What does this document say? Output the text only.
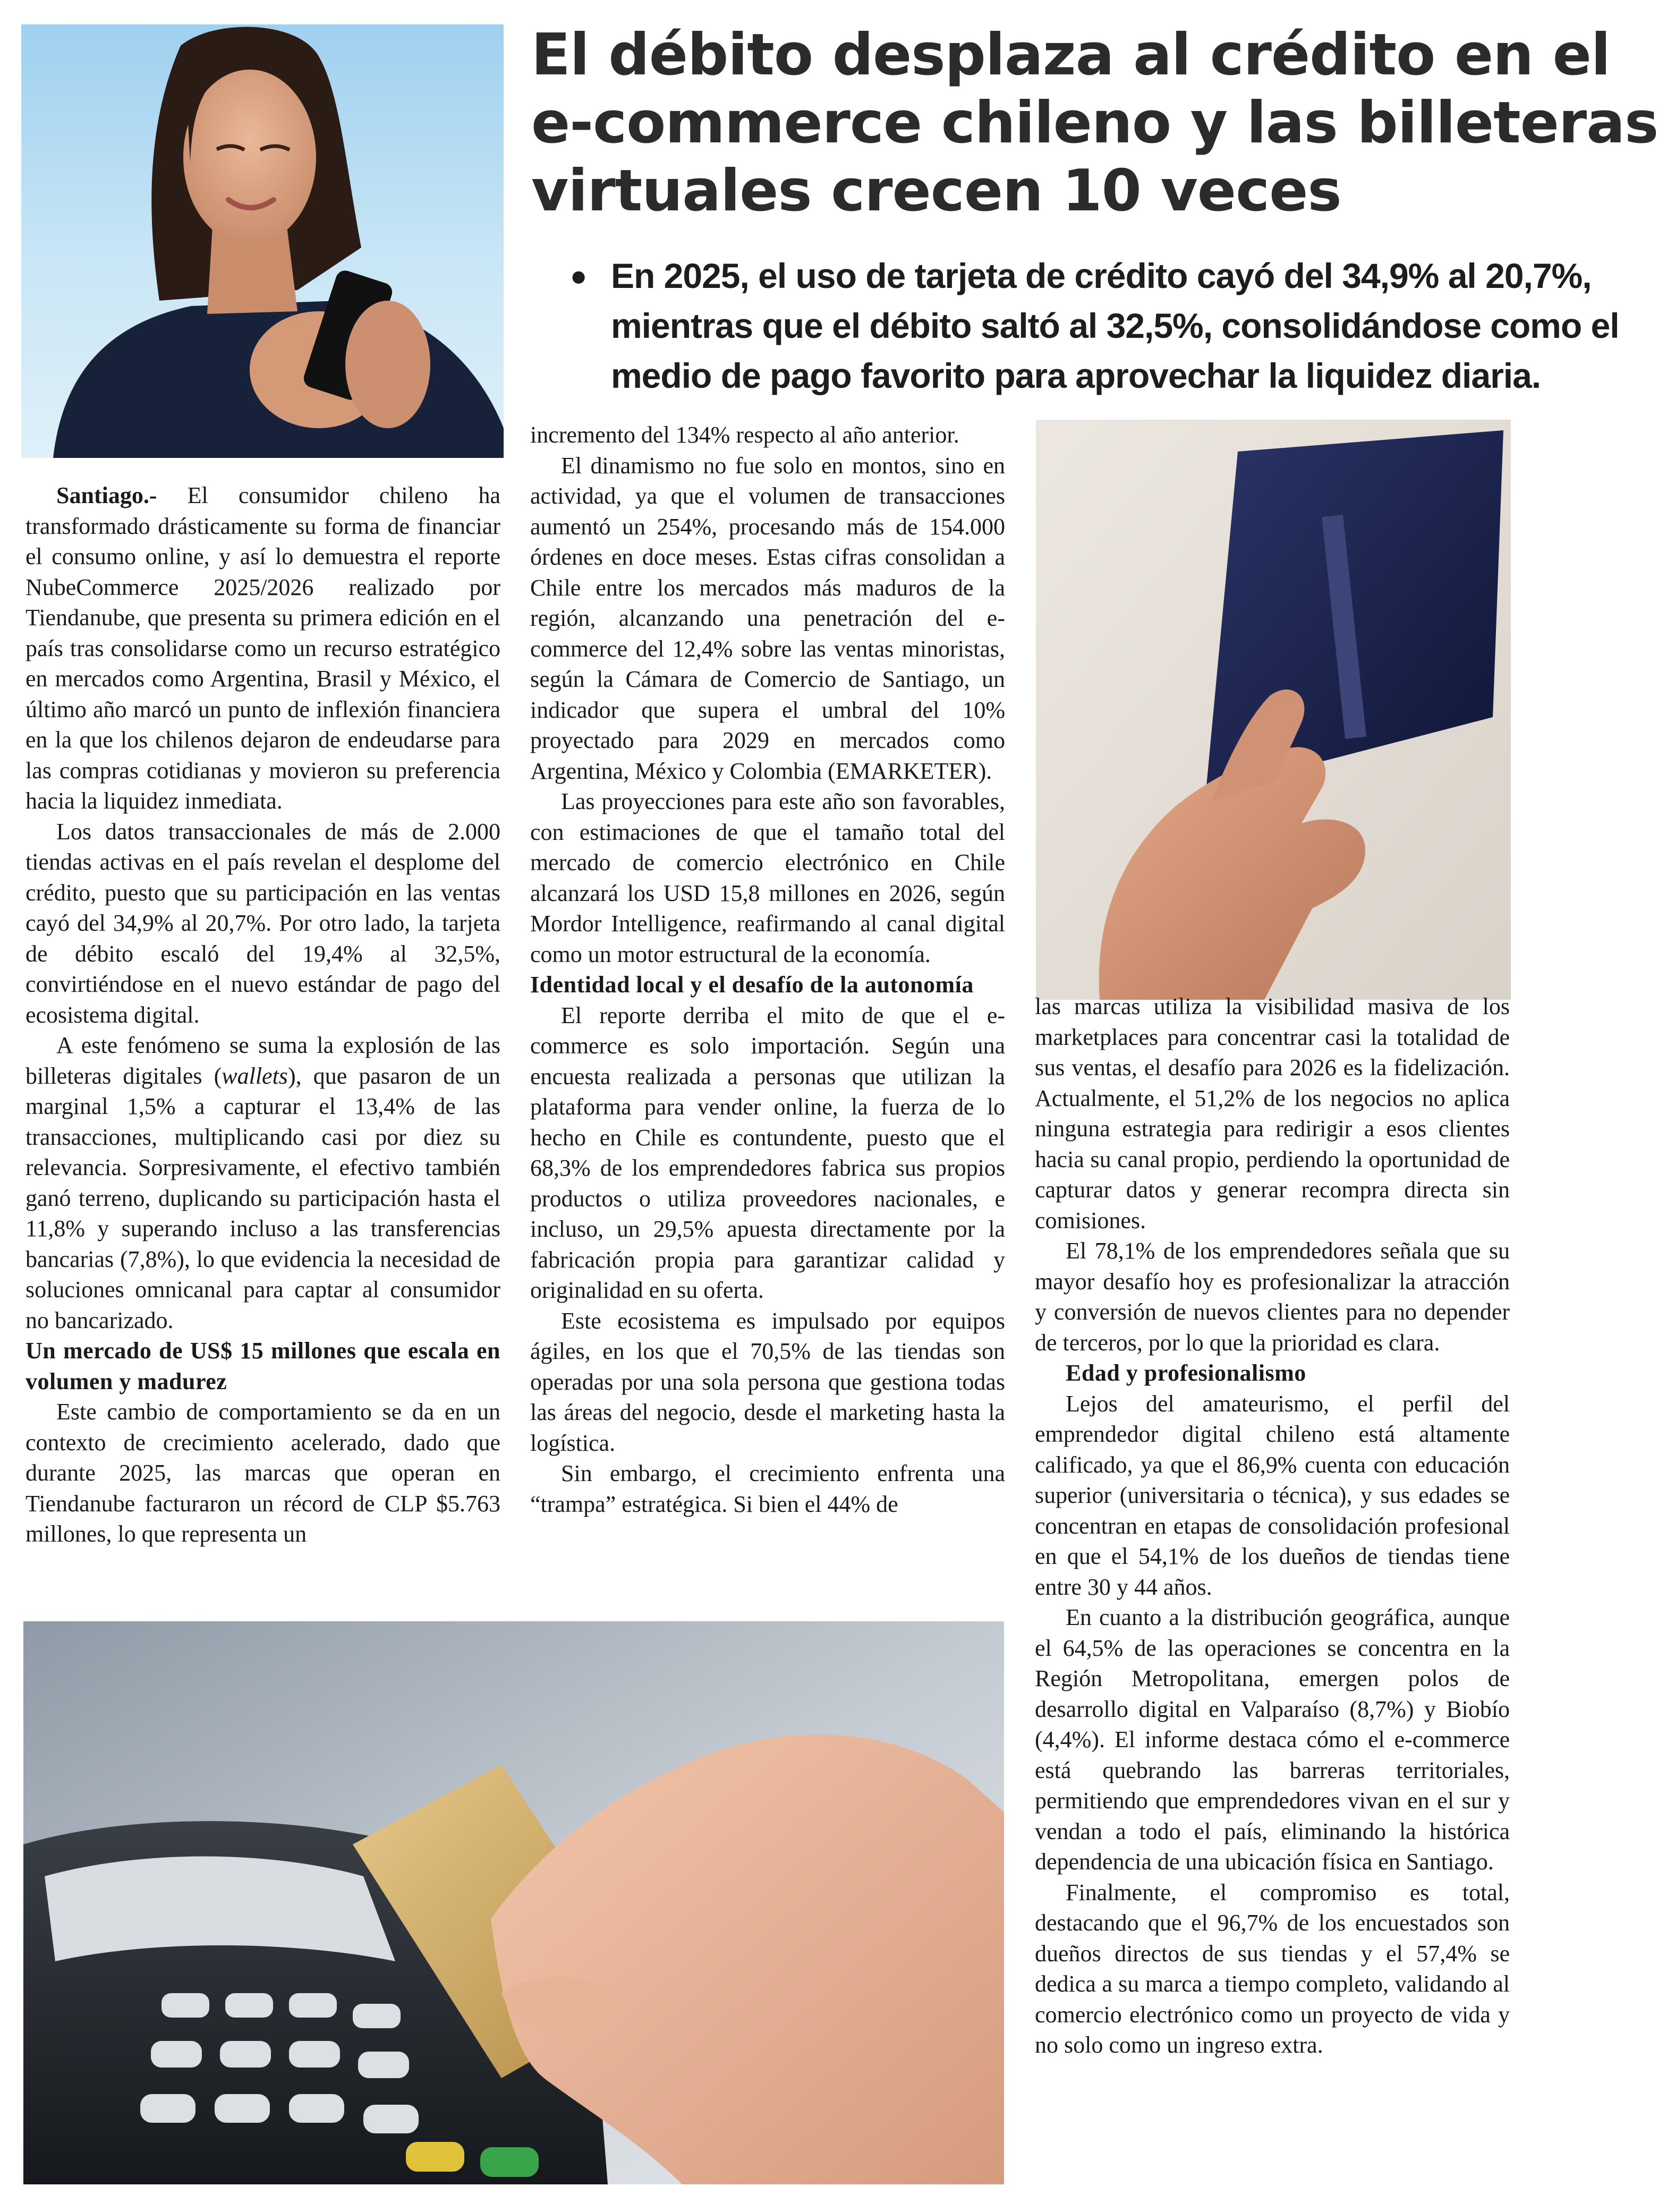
El débito desplaza al crédito en el
e-commerce chileno y las billeteras
virtuales crecen 10 veces
• En 2025, el uso de tarjeta de crédito cayó del 34,9% al 20,7%,
mientras que el débito saltó al 32,5%, consolidándose como el
medio de pago favorito para aprovechar la liquidez diaria.

Santiago.- El consumidor chileno ha transformado drásticamente su forma de financiar el consumo online, y así lo demuestra el reporte NubeCommerce 2025/2026 realizado por Tiendanube, que presenta su primera edición en el país tras consolidarse como un recurso estratégico en mercados como Argentina, Brasil y México, el último año marcó un punto de inflexión financiera en la que los chilenos dejaron de endeudarse para las compras cotidianas y movieron su preferencia hacia la liquidez inmediata.

Los datos transaccionales de más de 2.000 tiendas activas en el país revelan el desplome del crédito, puesto que su participación en las ventas cayó del 34,9% al 20,7%. Por otro lado, la tarjeta de débito escaló del 19,4% al 32,5%, convirtiéndose en el nuevo estándar de pago del ecosistema digital.

A este fenómeno se suma la explosión de las billeteras digitales (wallets), que pasaron de un marginal 1,5% a capturar el 13,4% de las transacciones, multiplicando casi por diez su relevancia. Sorpresivamente, el efectivo también ganó terreno, duplicando su participación hasta el 11,8% y superando incluso a las transferencias bancarias (7,8%), lo que evidencia la necesidad de soluciones omnicanal para captar al consumidor no bancarizado.

Un mercado de US$ 15 millones que escala en volumen y madurez

Este cambio de comportamiento se da en un contexto de crecimiento acelerado, dado que durante 2025, las marcas que operan en Tiendanube facturaron un récord de CLP $5.763 millones, lo que representa un

incremento del 134% respecto al año anterior.

El dinamismo no fue solo en montos, sino en actividad, ya que el volumen de transacciones aumentó un 254%, procesando más de 154.000 órdenes en doce meses. Estas cifras consolidan a Chile entre los mercados más maduros de la región, alcanzando una penetración del e-commerce del 12,4% sobre las ventas minoristas, según la Cámara de Comercio de Santiago, un indicador que supera el umbral del 10% proyectado para 2029 en mercados como Argentina, México y Colombia (EMARKETER).

Las proyecciones para este año son favorables, con estimaciones de que el tamaño total del mercado de comercio electrónico en Chile alcanzará los USD 15,8 millones en 2026, según Mordor Intelligence, reafirmando al canal digital como un motor estructural de la economía.

Identidad local y el desafío de la autonomía

El reporte derriba el mito de que el e-commerce es solo importación. Según una encuesta realizada a personas que utilizan la plataforma para vender online, la fuerza de lo hecho en Chile es contundente, puesto que el 68,3% de los emprendedores fabrica sus propios productos o utiliza proveedores nacionales, e incluso, un 29,5% apuesta directamente por la fabricación propia para garantizar calidad y originalidad en su oferta.

Este ecosistema es impulsado por equipos ágiles, en los que el 70,5% de las tiendas son operadas por una sola persona que gestiona todas las áreas del negocio, desde el marketing hasta la logística.

Sin embargo, el crecimiento enfrenta una “trampa” estratégica. Si bien el 44% de

las marcas utiliza la visibilidad masiva de los marketplaces para concentrar casi la totalidad de sus ventas, el desafío para 2026 es la fidelización. Actualmente, el 51,2% de los negocios no aplica ninguna estrategia para redirigir a esos clientes hacia su canal propio, perdiendo la oportunidad de capturar datos y generar recompra directa sin comisiones.

El 78,1% de los emprendedores señala que su mayor desafío hoy es profesionalizar la atracción y conversión de nuevos clientes para no depender de terceros, por lo que la prioridad es clara.

Edad y profesionalismo

Lejos del amateurismo, el perfil del emprendedor digital chileno está altamente calificado, ya que el 86,9% cuenta con educación superior (universitaria o técnica), y sus edades se concentran en etapas de consolidación profesional en que el 54,1% de los dueños de tiendas tiene entre 30 y 44 años.

En cuanto a la distribución geográfica, aunque el 64,5% de las operaciones se concentra en la Región Metropolitana, emergen polos de desarrollo digital en Valparaíso (8,7%) y Biobío (4,4%). El informe destaca cómo el e-commerce está quebrando las barreras territoriales, permitiendo que emprendedores vivan en el sur y vendan a todo el país, eliminando la histórica dependencia de una ubicación física en Santiago.

Finalmente, el compromiso es total, destacando que el 96,7% de los encuestados son dueños directos de sus tiendas y el 57,4% se dedica a su marca a tiempo completo, validando al comercio electrónico como un proyecto de vida y no solo como un ingreso extra.
